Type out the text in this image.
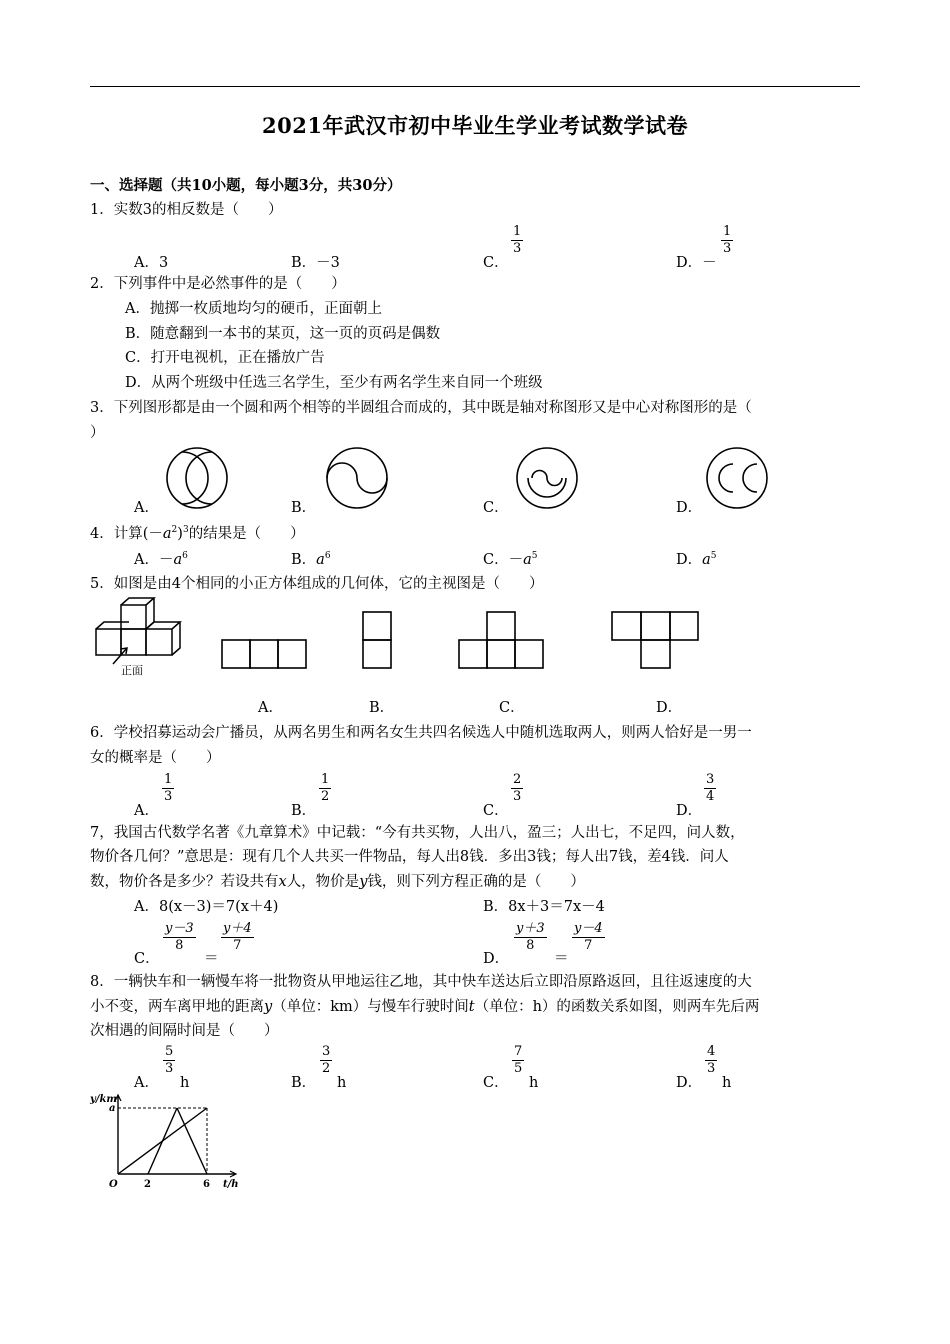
2021年武汉市初中毕业生学业考试数学试卷
一、选择题（共10小题，每小题3分，共30分）
1．实数3的相反数是（　　）
A．3	B．－3	C．
$\frac{1}{3}$
D．－
$\frac{1}{3}$
2．下列事件中是必然事件的是（　　）
A．抛掷一枚质地均匀的硬币，正面朝上
B．随意翻到一本书的某页，这一页的页码是偶数
C．打开电视机，正在播放广告
D．从两个班级中任选三名学生，至少有两名学生来自同一个班级
3．下列图形都是由一个圆和两个相等的半圆组合而成的，其中既是轴对称图形又是中心对称图形的是（
）
A．	B．	C．	D．
4．计算$(-a^2)^3$的结果是（　　）
A．$-a^6$	B．$a^6$	C．$-a^5$	D．$a^5$
5．如图是由4个相同的小正方体组成的几何体，它的主视图是（　　）
正面
A．	B．	C．	D．
6．学校招募运动会广播员，从两名男生和两名女生共四名候选人中随机选取两人，则两人恰好是一男一
女的概率是（　　）
A．
$\frac{1}{3}$
B．
$\frac{1}{2}$
C．
$\frac{2}{3}$
D．
$\frac{3}{4}$
7，我国古代数学名著《九章算术》中记载：“今有共买物，人出八，盈三；人出七，不足四，问人数，
物价各几何？”意思是：现有几个人共买一件物品，每人出8钱．多出3钱；每人出7钱，差4钱．问人
数，物价各是多少？若设共有x人，物价是y钱，则下列方程正确的是（　　）
A．8(x－3)＝7(x＋4)	B．8x＋3＝7x－4
C．
$\frac{y-3}{8}$
＝
$\frac{y+4}{7}$
D．
$\frac{y+3}{8}$
＝
$\frac{y-4}{7}$
8．一辆快车和一辆慢车将一批物资从甲地运往乙地，其中快车送达后立即沿原路返回，且往返速度的大
小不变，两车离甲地的距离y（单位：km）与慢车行驶时间t（单位：h）的函数关系如图，则两车先后两
次相遇的间隔时间是（　　）
A．
$\frac{5}{3}$
h	B．
$\frac{3}{2}$
h	C．
$\frac{7}{5}$
h	D．
$\frac{4}{3}$
h
y/km
a
O	t/h
2	6
